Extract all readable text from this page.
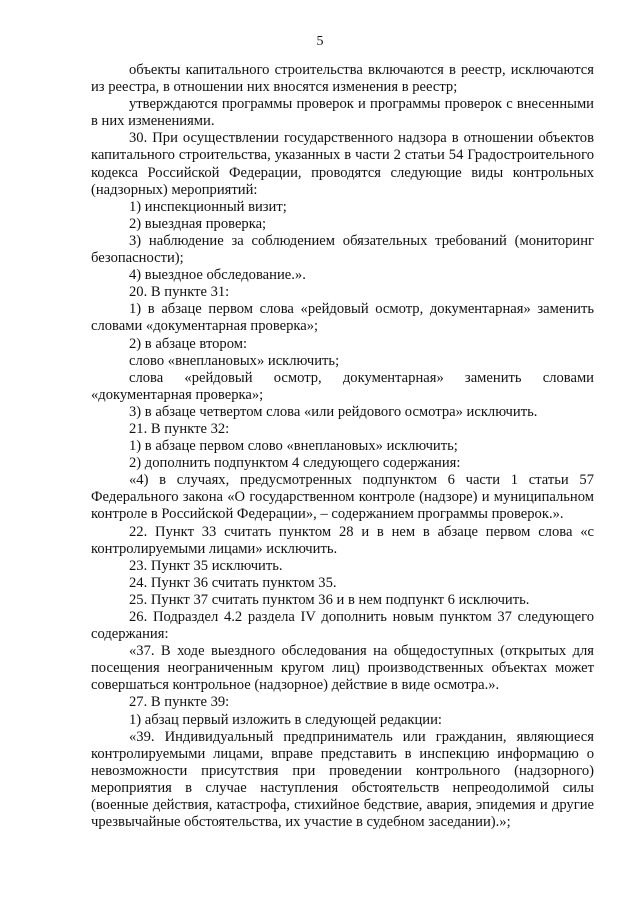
5

объекты капитального строительства включаются в реестр, исключаются из реестра, в отношении них вносятся изменения в реестр;

утверждаются программы проверок и программы проверок с внесенными в них изменениями.

30. При осуществлении государственного надзора в отношении объектов капитального строительства, указанных в части 2 статьи 54 Градостроительного кодекса Российской Федерации, проводятся следующие виды контрольных (надзорных) мероприятий:

1) инспекционный визит;

2) выездная проверка;

3) наблюдение за соблюдением обязательных требований (мониторинг безопасности);

4) выездное обследование.».

20. В пункте 31:

1) в абзаце первом слова «рейдовый осмотр, документарная» заменить словами «документарная проверка»;

2) в абзаце втором:

слово «внеплановых» исключить;

слова «рейдовый осмотр, документарная» заменить словами «документарная проверка»;

3) в абзаце четвертом слова «или рейдового осмотра» исключить.

21. В пункте 32:

1) в абзаце первом слово «внеплановых» исключить;

2) дополнить подпунктом 4 следующего содержания:

«4) в случаях, предусмотренных подпунктом 6 части 1 статьи 57 Федерального закона «О государственном контроле (надзоре) и муниципальном контроле в Российской Федерации», – содержанием программы проверок.».

22. Пункт 33 считать пунктом 28 и в нем в абзаце первом слова «с контролируемыми лицами» исключить.

23. Пункт 35 исключить.

24. Пункт 36 считать пунктом 35.

25. Пункт 37 считать пунктом 36 и в нем подпункт 6 исключить.

26. Подраздел 4.2 раздела IV дополнить новым пунктом 37 следующего содержания:

«37. В ходе выездного обследования на общедоступных (открытых для посещения неограниченным кругом лиц) производственных объектах может совершаться контрольное (надзорное) действие в виде осмотра.».

27. В пункте 39:

1) абзац первый изложить в следующей редакции:

«39. Индивидуальный предприниматель или гражданин, являющиеся контролируемыми лицами, вправе представить в инспекцию информацию о невозможности присутствия при проведении контрольного (надзорного) мероприятия в случае наступления обстоятельств непреодолимой силы (военные действия, катастрофа, стихийное бедствие, авария, эпидемия и другие чрезвычайные обстоятельства, их участие в судебном заседании).»;
